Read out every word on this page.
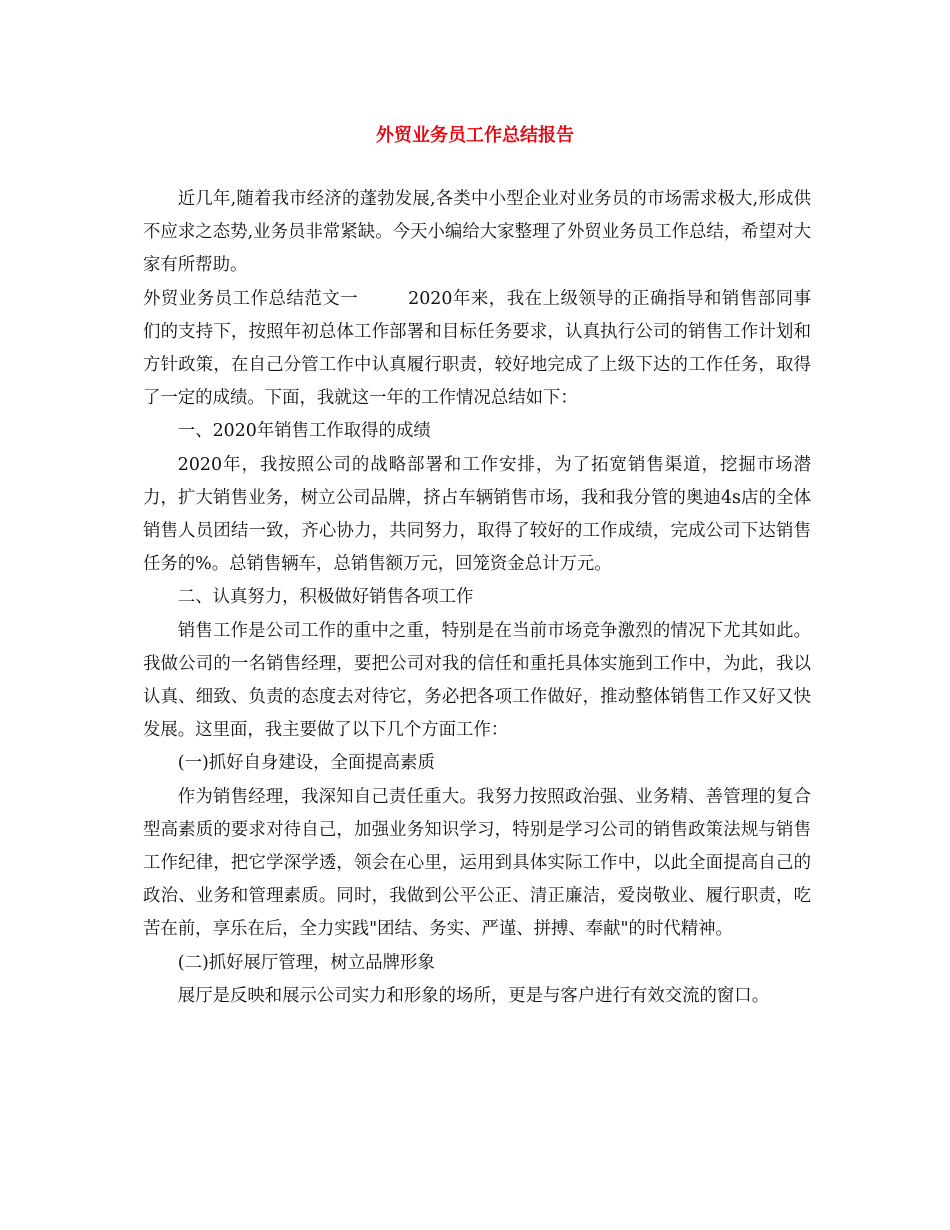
外贸业务员工作总结报告

近几年,随着我市经济的蓬勃发展,各类中小型企业对业务员的市场需求极大,形成供不应求之态势,业务员非常紧缺。今天小编给大家整理了外贸业务员工作总结，希望对大家有所帮助。

外贸业务员工作总结范文一	2020年来，我在上级领导的正确指导和销售部同事们的支持下，按照年初总体工作部署和目标任务要求，认真执行公司的销售工作计划和方针政策，在自己分管工作中认真履行职责，较好地完成了上级下达的工作任务，取得了一定的成绩。下面，我就这一年的工作情况总结如下：

一、2020年销售工作取得的成绩

2020年，我按照公司的战略部署和工作安排，为了拓宽销售渠道，挖掘市场潜力，扩大销售业务，树立公司品牌，挤占车辆销售市场，我和我分管的奥迪4s店的全体销售人员团结一致，齐心协力，共同努力，取得了较好的工作成绩，完成公司下达销售任务的%。总销售辆车，总销售额万元，回笼资金总计万元。

二、认真努力，积极做好销售各项工作

销售工作是公司工作的重中之重，特别是在当前市场竞争激烈的情况下尤其如此。我做公司的一名销售经理，要把公司对我的信任和重托具体实施到工作中，为此，我以认真、细致、负责的态度去对待它，务必把各项工作做好，推动整体销售工作又好又快发展。这里面，我主要做了以下几个方面工作：

(一)抓好自身建设，全面提高素质

作为销售经理，我深知自己责任重大。我努力按照政治强、业务精、善管理的复合型高素质的要求对待自己，加强业务知识学习，特别是学习公司的销售政策法规与销售工作纪律，把它学深学透，领会在心里，运用到具体实际工作中，以此全面提高自己的政治、业务和管理素质。同时，我做到公平公正、清正廉洁，爱岗敬业、履行职责，吃苦在前，享乐在后，全力实践"团结、务实、严谨、拼搏、奉献"的时代精神。

(二)抓好展厅管理，树立品牌形象

展厅是反映和展示公司实力和形象的场所，更是与客户进行有效交流的窗口。
